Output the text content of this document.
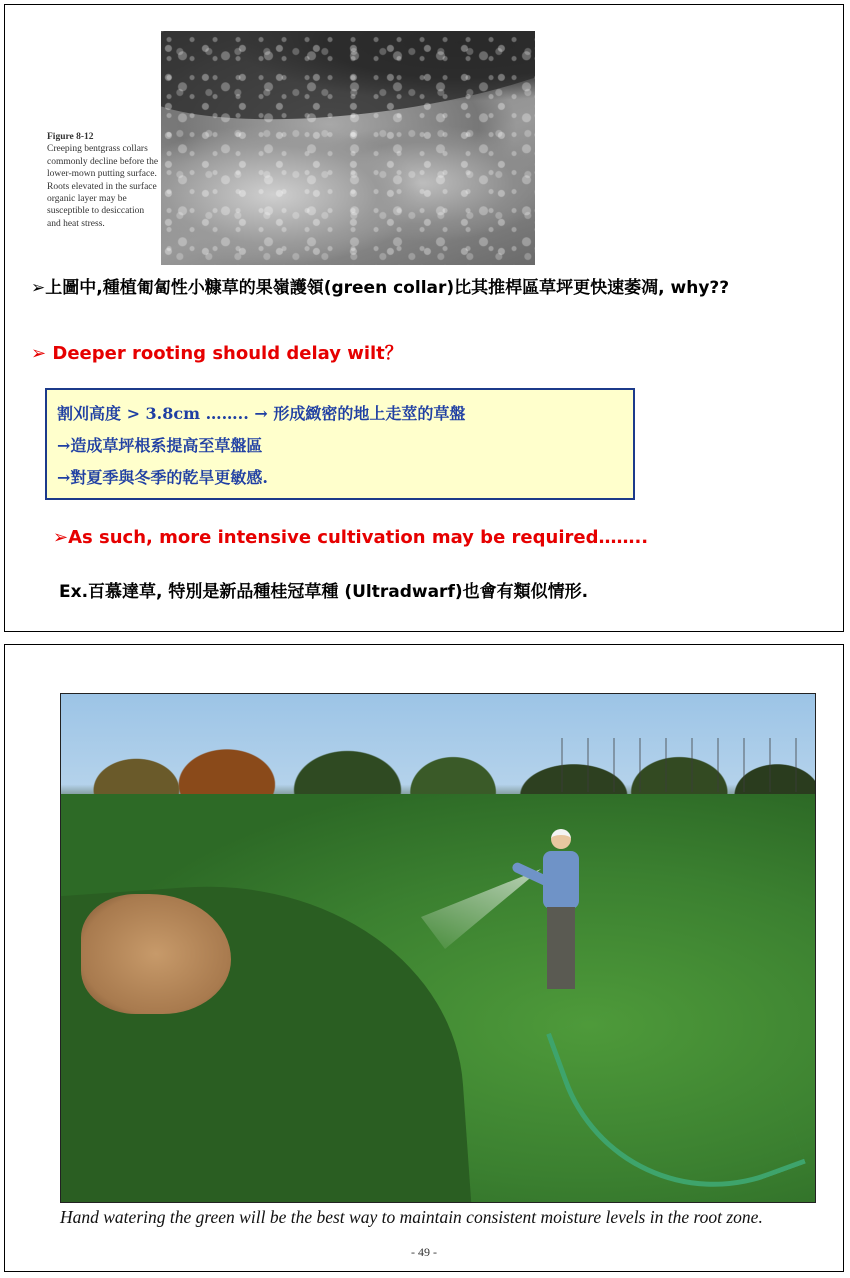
Figure 8-12
Creeping bentgrass collars commonly decline before the lower-mown putting surface. Roots elevated in the surface organic layer may be susceptible to desiccation and heat stress.
➢上圖中,種植匍匐性小糠草的果嶺護領(green collar)比其推桿區草坪更快速萎凋, why??
➢ Deeper rooting should delay wilt？
割刈高度 > 3.8cm …….. → 形成緻密的地上走莖的草盤
→造成草坪根系提高至草盤區
→對夏季與冬季的乾旱更敏感.
➢As such, more intensive cultivation may be required……..
Ex.百慕達草, 特別是新品種桂冠草種 (Ultradwarf)也會有類似情形.
Hand watering the green will be the best way to maintain consistent moisture levels in the root zone.
- 49 -
